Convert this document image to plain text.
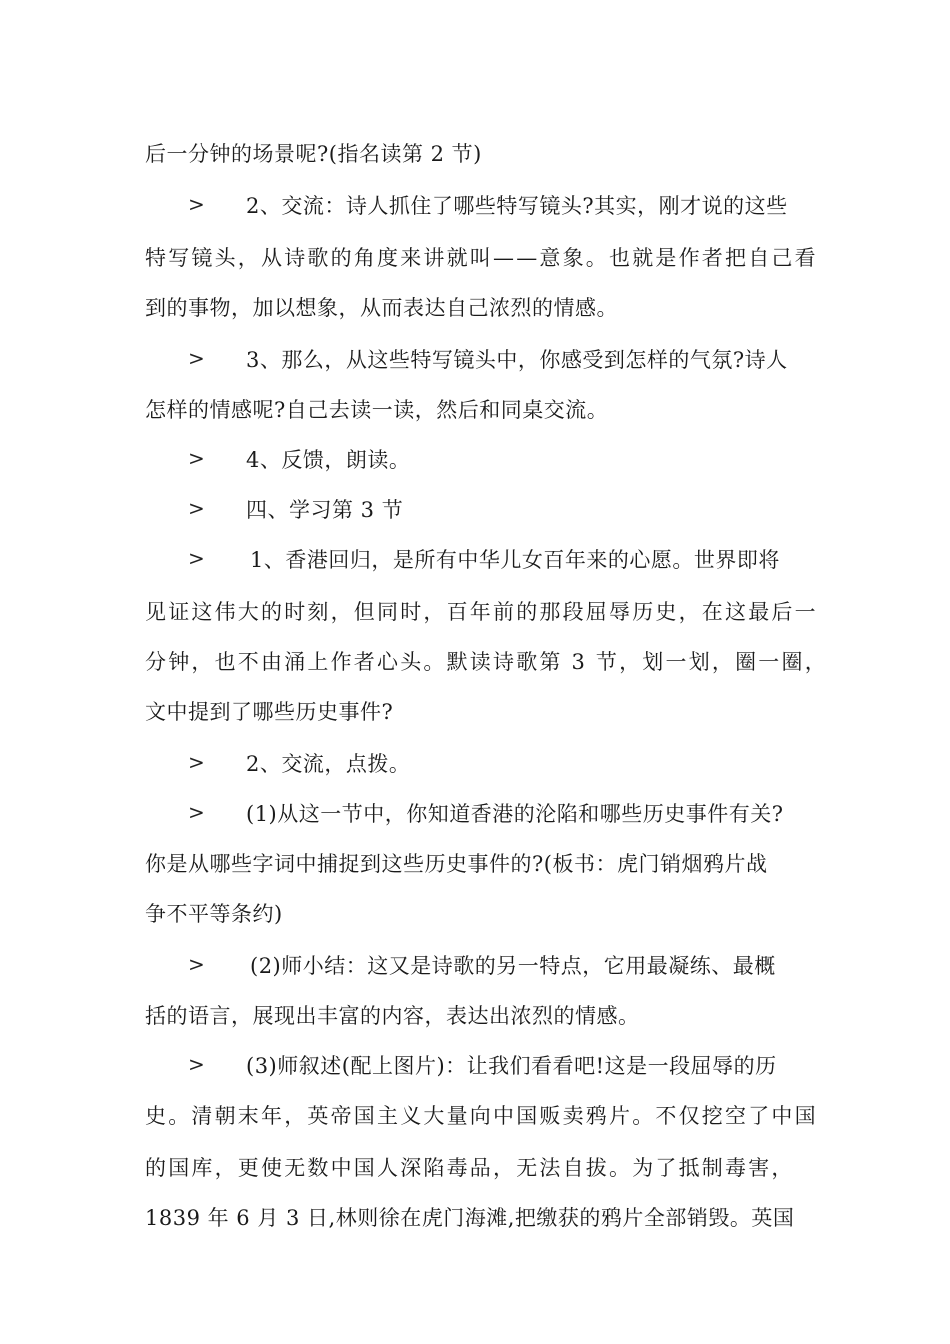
后一分钟的场景呢?(指名读第 2 节)
> 2、交流：诗人抓住了哪些特写镜头?其实，刚才说的这些
特写镜头，从诗歌的角度来讲就叫——意象。也就是作者把自己看
到的事物，加以想象，从而表达自己浓烈的情感。
> 3、那么，从这些特写镜头中，你感受到怎样的气氛?诗人
怎样的情感呢?自己去读一读，然后和同桌交流。
> 4、反馈，朗读。
> 四、学习第 3 节
> 1、香港回归，是所有中华儿女百年来的心愿。世界即将
见证这伟大的时刻，但同时，百年前的那段屈辱历史，在这最后一
分钟，也不由涌上作者心头。默读诗歌第 3 节，划一划，圈一圈，
文中提到了哪些历史事件?
> 2、交流，点拨。
> (1)从这一节中，你知道香港的沦陷和哪些历史事件有关?
你是从哪些字词中捕捉到这些历史事件的?(板书：虎门销烟鸦片战
争不平等条约)
> (2)师小结：这又是诗歌的另一特点，它用最凝练、最概
括的语言，展现出丰富的内容，表达出浓烈的情感。
> (3)师叙述(配上图片)：让我们看看吧!这是一段屈辱的历
史。清朝末年，英帝国主义大量向中国贩卖鸦片。不仅挖空了中国
的国库，更使无数中国人深陷毒品，无法自拔。为了抵制毒害，
1839 年 6 月 3 日,林则徐在虎门海滩,把缴获的鸦片全部销毁。英国
